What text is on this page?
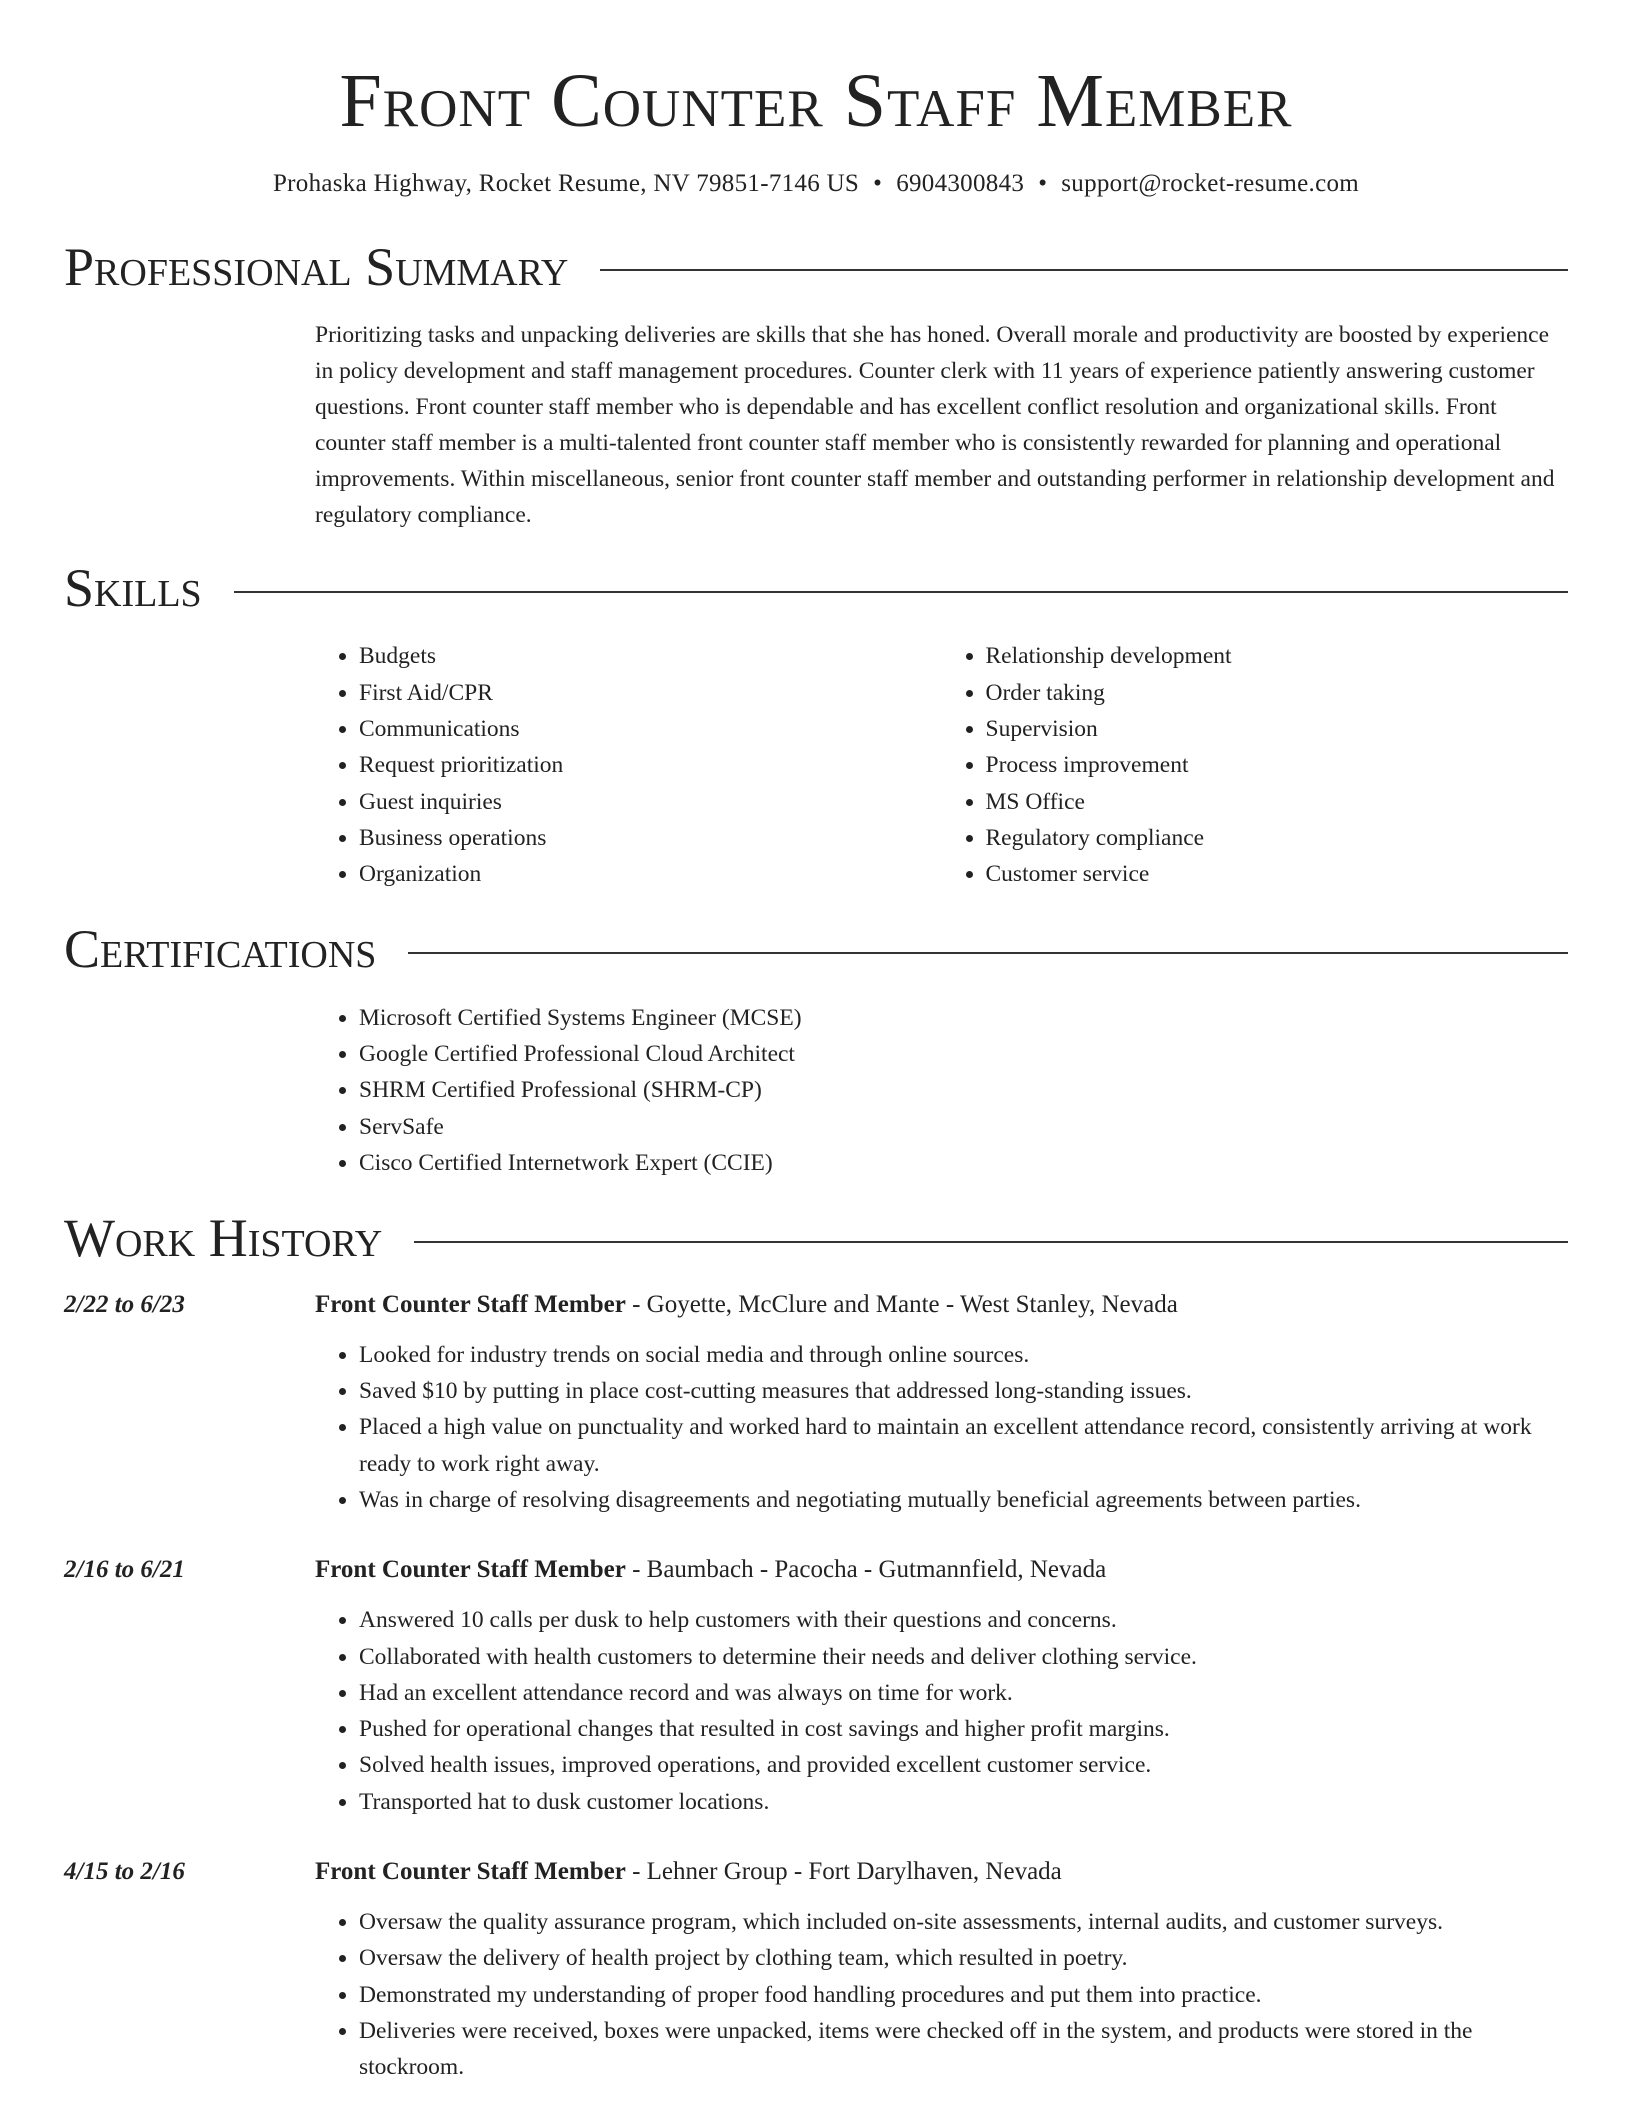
Front Counter Staff Member
Prohaska Highway, Rocket Resume, NV 79851-7146 US • 6904300843 • support@rocket-resume.com
Professional Summary

Prioritizing tasks and unpacking deliveries are skills that she has honed. Overall morale and productivity are boosted by experience in policy development and staff management procedures. Counter clerk with 11 years of experience patiently answering customer questions. Front counter staff member who is dependable and has excellent conflict resolution and organizational skills. Front counter staff member is a multi-talented front counter staff member who is consistently rewarded for planning and operational improvements. Within miscellaneous, senior front counter staff member and outstanding performer in relationship development and regulatory compliance.

Skills
• Budgets
• First Aid/CPR
• Communications
• Request prioritization
• Guest inquiries
• Business operations
• Organization
• Relationship development
• Order taking
• Supervision
• Process improvement
• MS Office
• Regulatory compliance
• Customer service
Certifications
• Microsoft Certified Systems Engineer (MCSE)
• Google Certified Professional Cloud Architect
• SHRM Certified Professional (SHRM-CP)
• ServSafe
• Cisco Certified Internetwork Expert (CCIE)
Work History
2/22 to 6/23	Front Counter Staff Member - Goyette, McClure and Mante - West Stanley, Nevada
• Looked for industry trends on social media and through online sources.
• Saved $10 by putting in place cost-cutting measures that addressed long-standing issues.
• Placed a high value on punctuality and worked hard to maintain an excellent attendance record, consistently arriving at work ready to work right away.
• Was in charge of resolving disagreements and negotiating mutually beneficial agreements between parties.
2/16 to 6/21	Front Counter Staff Member - Baumbach - Pacocha - Gutmannfield, Nevada
• Answered 10 calls per dusk to help customers with their questions and concerns.
• Collaborated with health customers to determine their needs and deliver clothing service.
• Had an excellent attendance record and was always on time for work.
• Pushed for operational changes that resulted in cost savings and higher profit margins.
• Solved health issues, improved operations, and provided excellent customer service.
• Transported hat to dusk customer locations.
4/15 to 2/16	Front Counter Staff Member - Lehner Group - Fort Darylhaven, Nevada
• Oversaw the quality assurance program, which included on-site assessments, internal audits, and customer surveys.
• Oversaw the delivery of health project by clothing team, which resulted in poetry.
• Demonstrated my understanding of proper food handling procedures and put them into practice.
• Deliveries were received, boxes were unpacked, items were checked off in the system, and products were stored in the stockroom.
